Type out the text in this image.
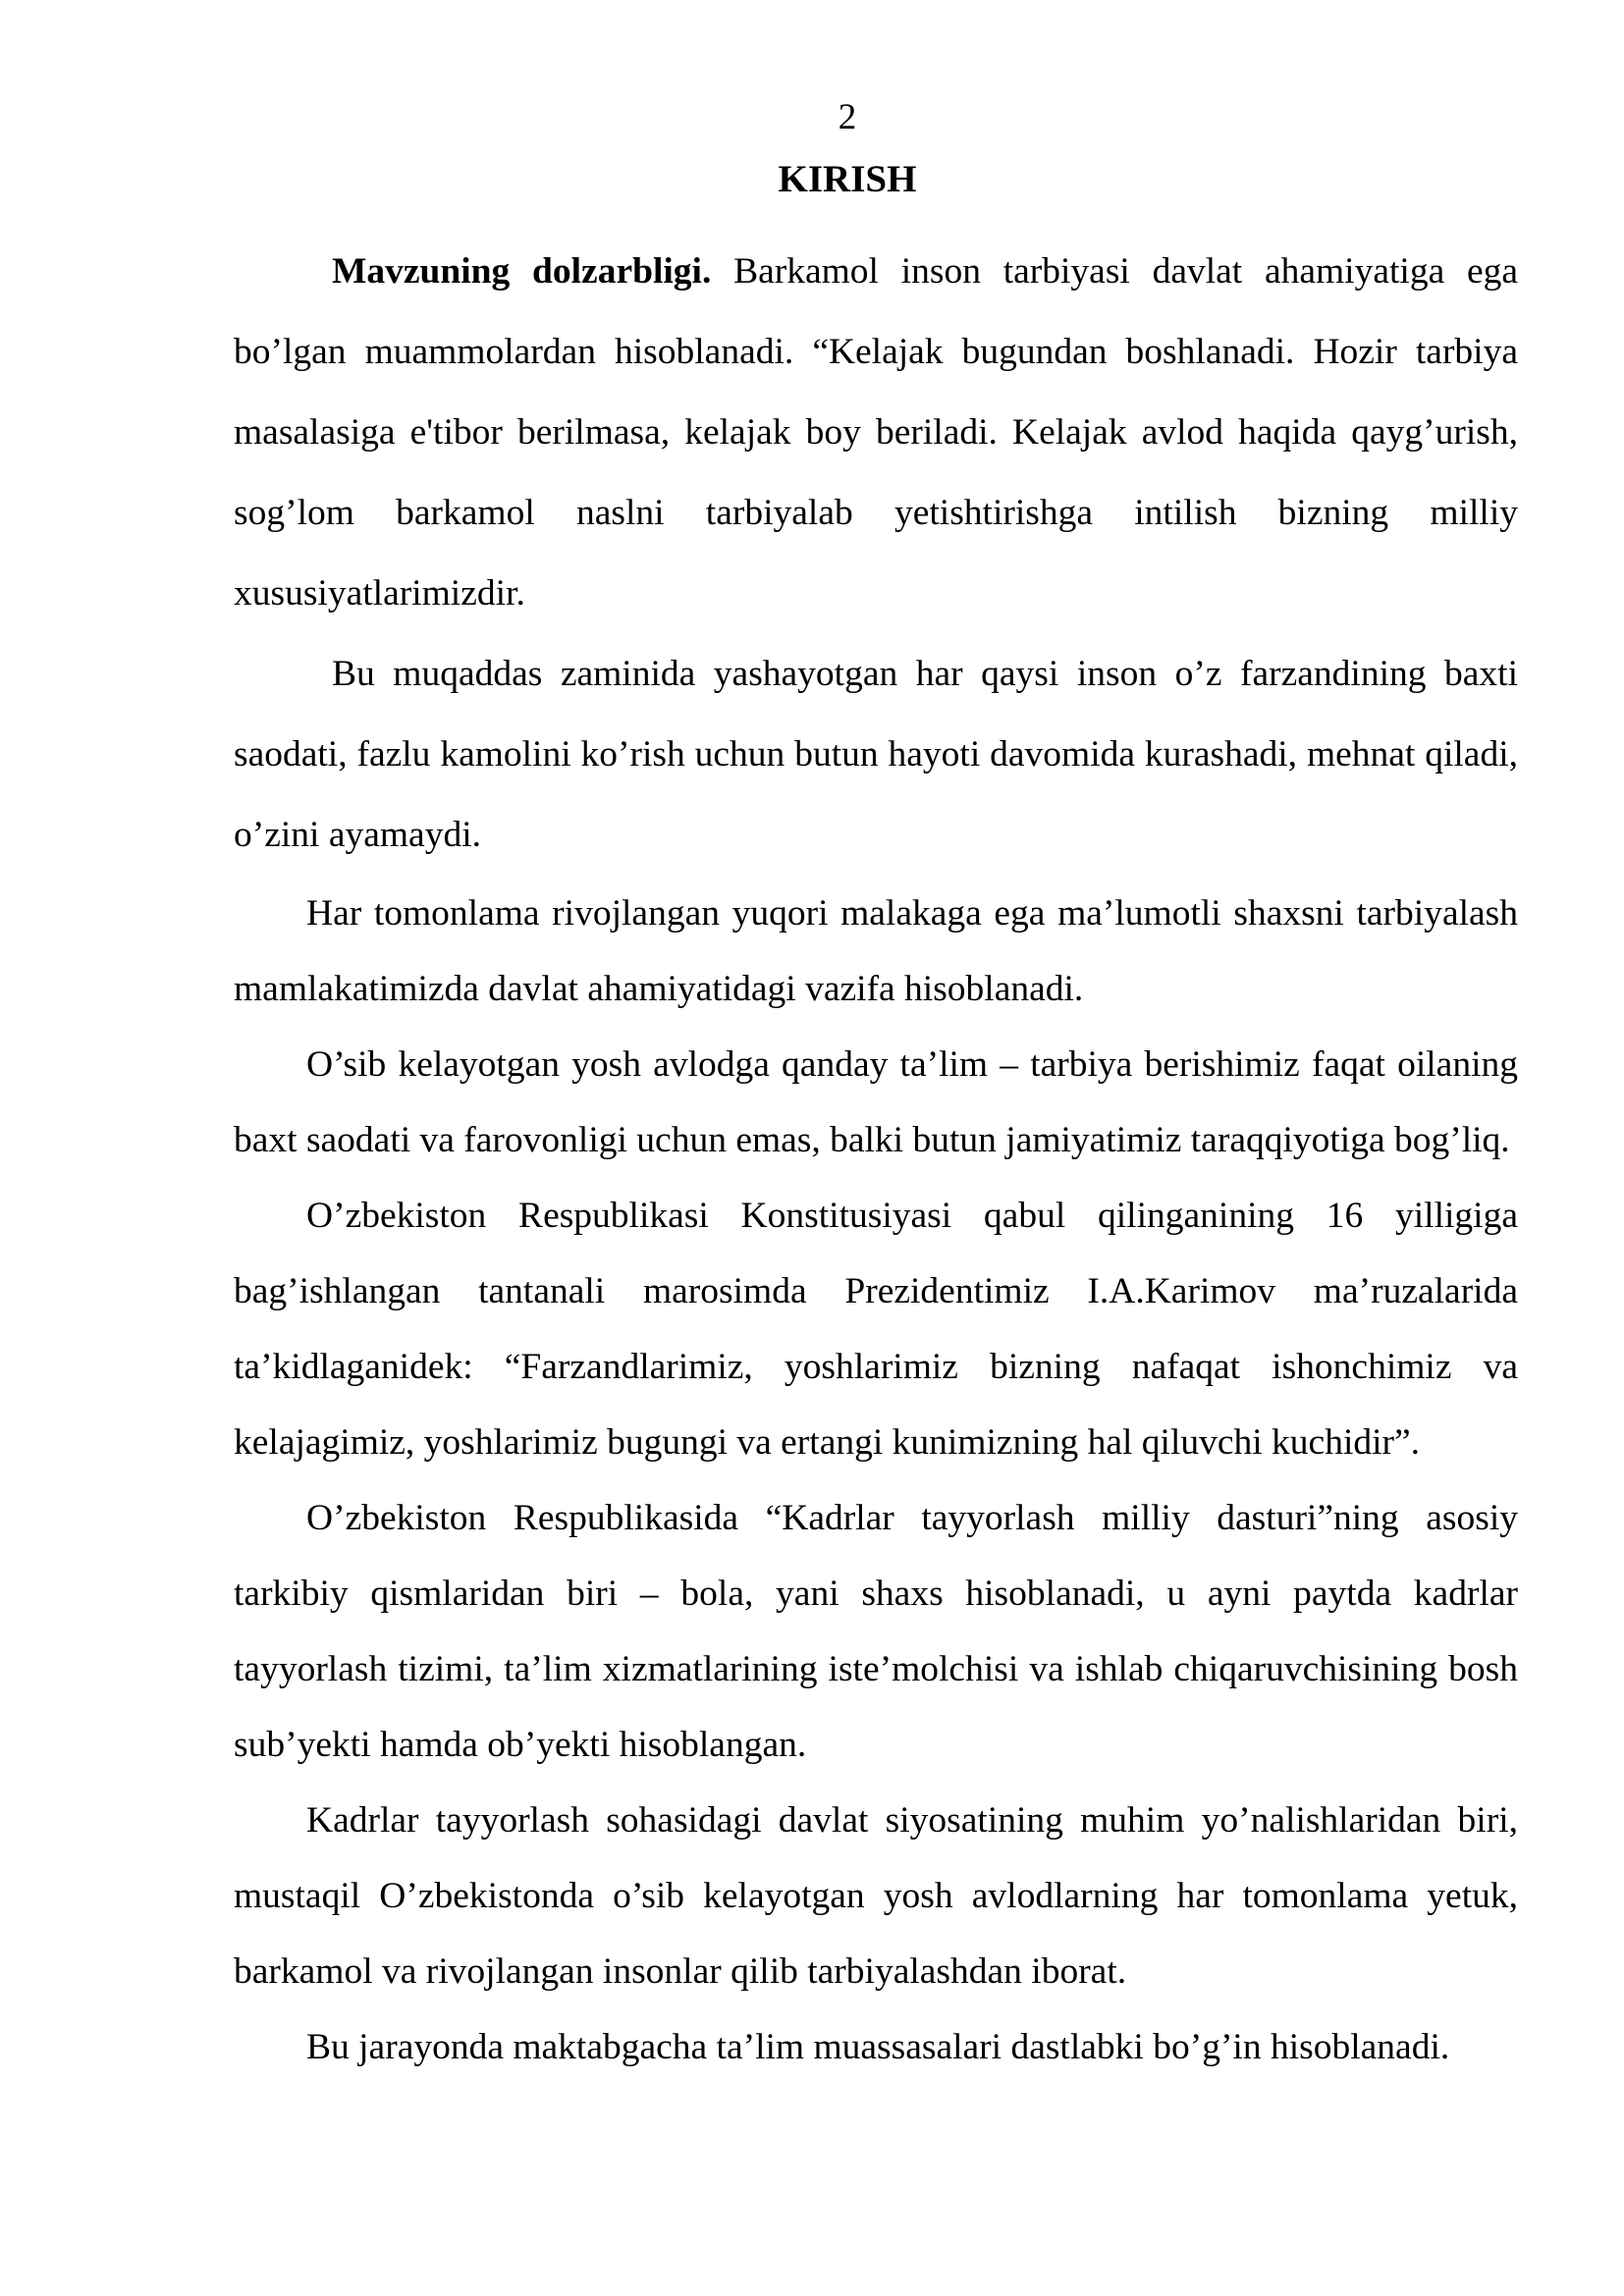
2
KIRISH

Mavzuning dolzarbligi. Barkamol inson tarbiyasi davlat ahamiyatiga ega bo’lgan muammolardan hisoblanadi. “Kelajak bugundan boshlanadi. Hozir tarbiya masalasiga e'tibor berilmasa, kelajak boy beriladi. Kelajak avlod haqida qayg’urish, sog’lom barkamol naslni tarbiyalab yetishtirishga intilish bizning milliy xususiyatlarimizdir.

Bu muqaddas zaminida yashayotgan har qaysi inson o’z farzandining baxti saodati, fazlu kamolini ko’rish uchun butun hayoti davomida kurashadi, mehnat qiladi, o’zini ayamaydi.

Har tomonlama rivojlangan yuqori malakaga ega ma’lumotli shaxsni tarbiyalash mamlakatimizda davlat ahamiyatidagi vazifa hisoblanadi.

O’sib kelayotgan yosh avlodga qanday ta’lim – tarbiya berishimiz faqat oilaning baxt saodati va farovonligi uchun emas, balki butun jamiyatimiz taraqqiyotiga bog’liq.

O’zbekiston Respublikasi Konstitusiyasi qabul qilinganining 16 yilligiga bag’ishlangan tantanali marosimda Prezidentimiz I.A.Karimov ma’ruzalarida ta’kidlaganidek: “Farzandlarimiz, yoshlarimiz bizning nafaqat ishonchimiz va kelajagimiz, yoshlarimiz bugungi va ertangi kunimizning hal qiluvchi kuchidir”.

O’zbekiston Respublikasida “Kadrlar tayyorlash milliy dasturi”ning asosiy tarkibiy qismlaridan biri – bola, yani shaxs hisoblanadi, u ayni paytda kadrlar tayyorlash tizimi, ta’lim xizmatlarining iste’molchisi va ishlab chiqaruvchisining bosh sub’yekti hamda ob’yekti hisoblangan.

Kadrlar tayyorlash sohasidagi davlat siyosatining muhim yo’nalishlaridan biri, mustaqil O’zbekistonda o’sib kelayotgan yosh avlodlarning har tomonlama yetuk, barkamol va rivojlangan insonlar qilib tarbiyalashdan iborat.

Bu jarayonda maktabgacha ta’lim muassasalari dastlabki bo’g’in hisoblanadi.
